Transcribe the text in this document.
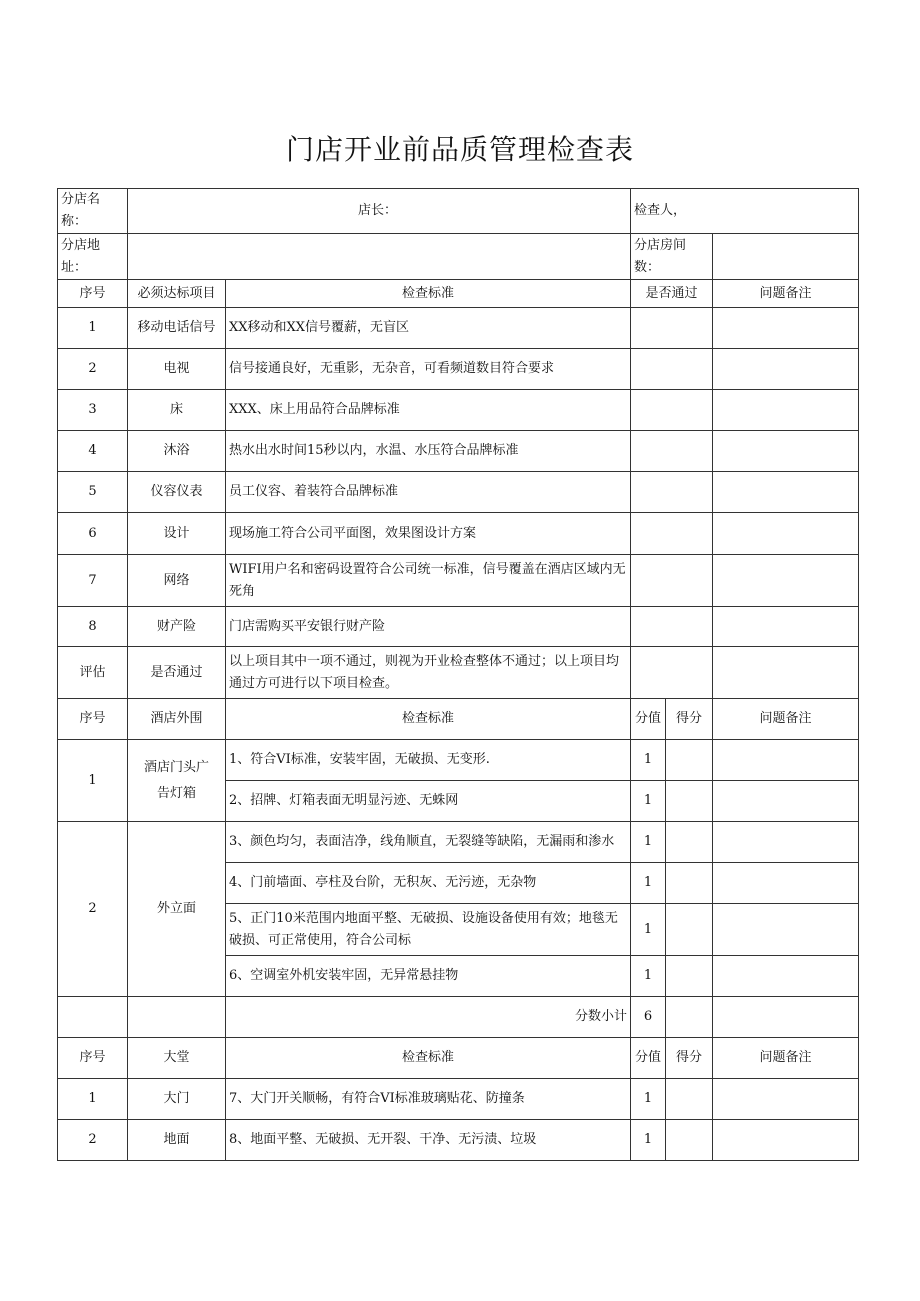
门店开业前品质管理检查表
分店名称：	店长：		检查人，		
分店地址：			分店房间数：		
序号	必须达标项目	检查标准	是否通过		问题备注
1	移动电话信号	XX移动和XX信号覆薪，无盲区			
2	电视	信号接通良好，无重影，无杂音，可看频道数目符合要求			
3	床	XXX、床上用品符合品牌标准			
4	沐浴	热水出水时间15秒以内，水温、水压符合品牌标准			
5	仪容仪表	员工仪容、着装符合品牌标准			
6	设计	现场施工符合公司平面图，效果图设计方案			
7	网络	WIFI用户名和密码设置符合公司统一标准，信号覆盖在酒店区域内无死角			
8	财产险	门店需购买平安银行财产险			
评估	是否通过	以上项目其中一项不通过，则视为开业检查整体不通过；以上项目均通过方可进行以下项目检查。			
序号	酒店外围	检查标准	分值	得分	问题备注
1	酒店门头广告灯箱	1、符合VI标准，安装牢固，无破损、无变形.	1		
		2、招牌、灯箱表面无明显污迹、无蛛网	1		
2	外立面	3、颜色均匀，表面洁净，线角顺直，无裂缝等缺陷，无漏雨和渗水	1		
		4、门前墙面、亭柱及台阶，无积灰、无污迹，无杂物	1		
		5、正门10米范围内地面平整、无破损、设施设备使用有效；地毯无破损、可正常使用，符合公司标	1		
		6、空调室外机安装牢固，无异常悬挂物	1		
		分数小计	6		
序号	大堂	检查标准	分值	得分	问题备注
1	大门	7、大门开关顺畅，有符合VI标准玻璃贴花、防撞条	1		
2	地面	8、地面平整、无破损、无开裂、干净、无污渍、垃圾	1		
